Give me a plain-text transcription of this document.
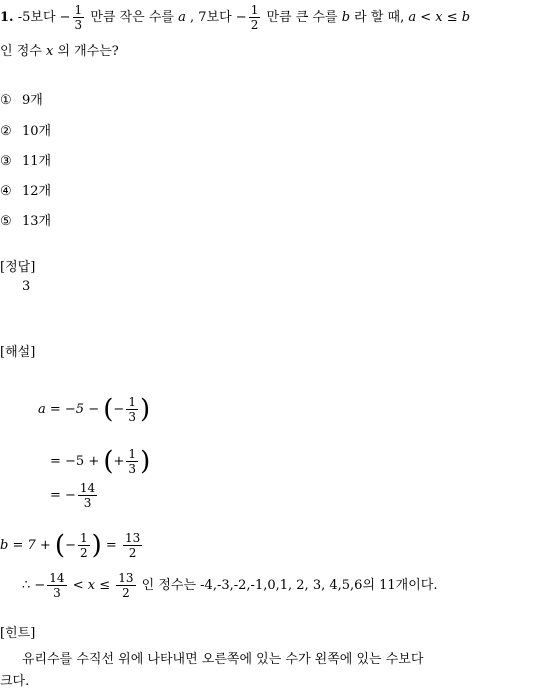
1. -5보다 − $\frac{1}{3}$ 만큼 작은 수를 a , 7보다 − $\frac{1}{2}$ 만큼 큰 수를 b 라 할 때, a < x ≤ b
인 정수 x 의 개수는?
① 9개
② 10개
③ 11개
④ 12개
⑤ 13개
[정답]
3
[해설]
a = −5 − (− $\frac{1}{3}$ )
= −5 + (+ $\frac{1}{3}$ )
= − $\frac{14}{3}$
b = 7 + (− $\frac{1}{2}$ ) = $\frac{13}{2}$
∴ − $\frac{14}{3} < x \le \frac{13}{2}$ 인 정수는 -4,-3,-2,-1,0,1, 2, 3, 4,5,6의 11개이다.
[힌트]
유리수를 수직선 위에 나타내면 오른쪽에 있는 수가 왼쪽에 있는 수보다
크다.
